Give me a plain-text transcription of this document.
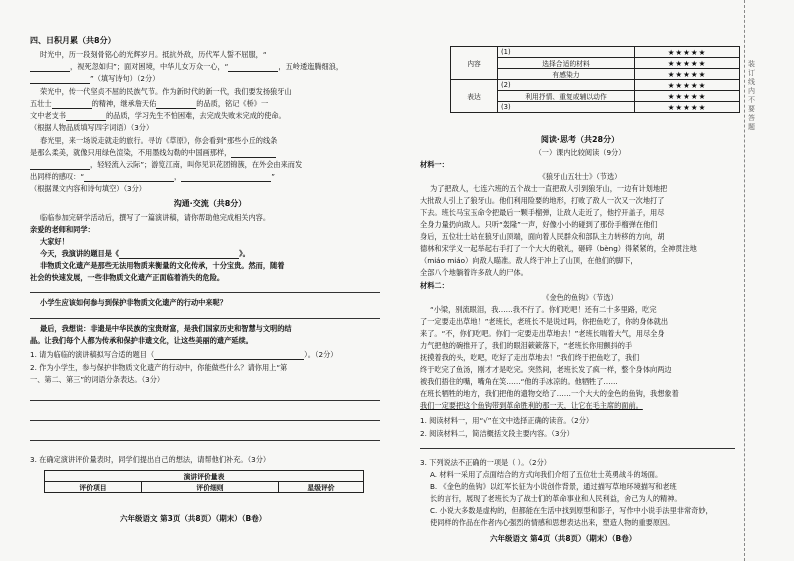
四、日积月累（共8分）
时光中，历一段刻骨铭心的光辉岁月。抵抗外敌，历代军人誓不屈服，“
，视死忽如归”；面对困境，中华儿女万众一心，“	，五岭逶迤腾细浪，
”（填写诗句）（2分）
荣光中，传一代坚贞不屈的民族气节。作为新时代的新一代，我们要发扬狼牙山
五壮士	的精神，继承詹天佑	的品质，铭记《桥》一
文中老支书	的品质，学习先生不怕困难，去完成失败未完成的使命。
（根据人物品质填写四字词语）（3分）
春光里，来一场说走就走的旅行。寻访《草原》，你会看到“那些小丘的线条
是那么柔美，就像只用绿色渲染，不用墨线勾勒的中国画那样，
，轻轻流入云际”；游览江南，叫你见识花团锦簇，在外会由来而发
出同样的感叹：“	，	”
（根据课文内容和诗句填空）（3分）
沟通·交流（共8分）
临临参加完研学活动后，撰写了一篇演讲稿，请你帮助他完成相关内容。
亲爱的老师和同学：
大家好！
今天，我演讲的题目是《	》。
非物质文化遗产是那些无法用物质来衡量的文化传承，十分宝贵。然而，随着
社会的快速发展，一些非物质文化遗产正面临着消失的危险。
小学生应该如何参与到保护非物质文化遗产的行动中来呢？
最后，我想说：非遗是中华民族的宝贵财富，是我们国家历史和智慧与文明的结
晶。让我们每个人都为传承和保护非遗文化，让这些美丽的遗产延续。
1. 请为临临的演讲稿拟写合适的题目（	）。（2分）
2. 作为小学生，参与保护非物质文化遗产的行动中，你能做些什么？请你用上“第
一、第二、第三”的词语分条表达。（3分）
3. 在确定演讲评价量表时，同学们提出自己的想法，请帮他们补充。（3分）
演讲评价量表
评价项目	评价细则	星级评价
六年级语文 第3页（共8页）（期末）（B卷）
内容	(1)	★★★★★
	选择合适的材料	★★★★★
	有感染力	★★★★★
表达	(2)	★★★★★
	利用抒情、重复或辅以动作	★★★★★
	(3)	★★★★★
阅读·思考（共28分）
（一）课内比较阅读（9分）
材料一：
《狼牙山五壮士》（节选）
为了把敌人，七连六班的五个战士一直把敌人引到狼牙山，一边有计划地把
大批敌人引上了狼牙山。他们利用险要的地形，打败了敌人一次又一次地打了
下去。班长马宝玉命令把最后一颗手榴弹，让敌人走近了，他拧开盖子，用尽
全身力量扔向敌人。只听“轰隆”一声，好像小小的碰到了那份手榴弹在他们
身后，五位壮士站在狼牙山顶端，面向着人民群众和部队主力转移的方向，胡
德林和宋学义一起举起右手打了一个大大的敬礼，砸碎（bèng）得紧紧的，全神贯注地
（miáo miáo）向敌人瞄准。敌人终于冲上了山顶，在他们的脚下，
全部八个地躺着许多敌人的尸体。
材料二：
《金色的鱼钩》（节选）
“小梁，别流眼泪，我……我不行了。你们吃吧！还有二十多里路，吃完
了一定要走出草地！”老班长，老班长不是说过吗，你把鱼吃了，你的身体就出
来了。“不，你们吃吧。你们一定要走出草地去！”老班长喘着大气，用尽全身
力气把他的碗推开了，我们的眼泪簌簌落下，“老班长你用颤抖的手
抚摸着我的头，吃吧，吃好了走出草地去！”我们终于把鱼吃了，我们
终于吃完了鱼汤，刚才才是吃完。突然间，老班长发了疯一样，整个身体向两边
被我们捂住的嘴，嘴角在笑……“他的手冰凉的。他牺牲了……
在班长牺牲的地方，我们把他的遗物交给了……一个大大的金色的鱼钩，我想象着
我们一定要把这个鱼钩带到革命胜利的那一天，让它在毛主席的面前。
1. 阅读材料一，用“√”在文中选择正确的读音。（2分）
2. 阅读材料二，简洁概括文段主要内容。（3分）
3. 下列说法不正确的一项是（ ）。（2分）
A. 材料一采用了点面结合的方式向我们介绍了五位壮士英勇战斗的场面。
B. 《金色的鱼钩》以红军长征为小说创作背景，通过描写草地环境描写和老班
长的言行，展现了老班长为了战士们的革命事业和人民利益，舍己为人的精神。
C. 小说大多数是虚构的，但都能在生活中找到原型和影子，写作中小说手法里非常奇妙，
使同样的作品在作者内心强烈的情感和思想表达出来，塑造人物的重要原因。
六年级语文 第4页（共8页）（期末）（B卷）
装订线内不要答题
